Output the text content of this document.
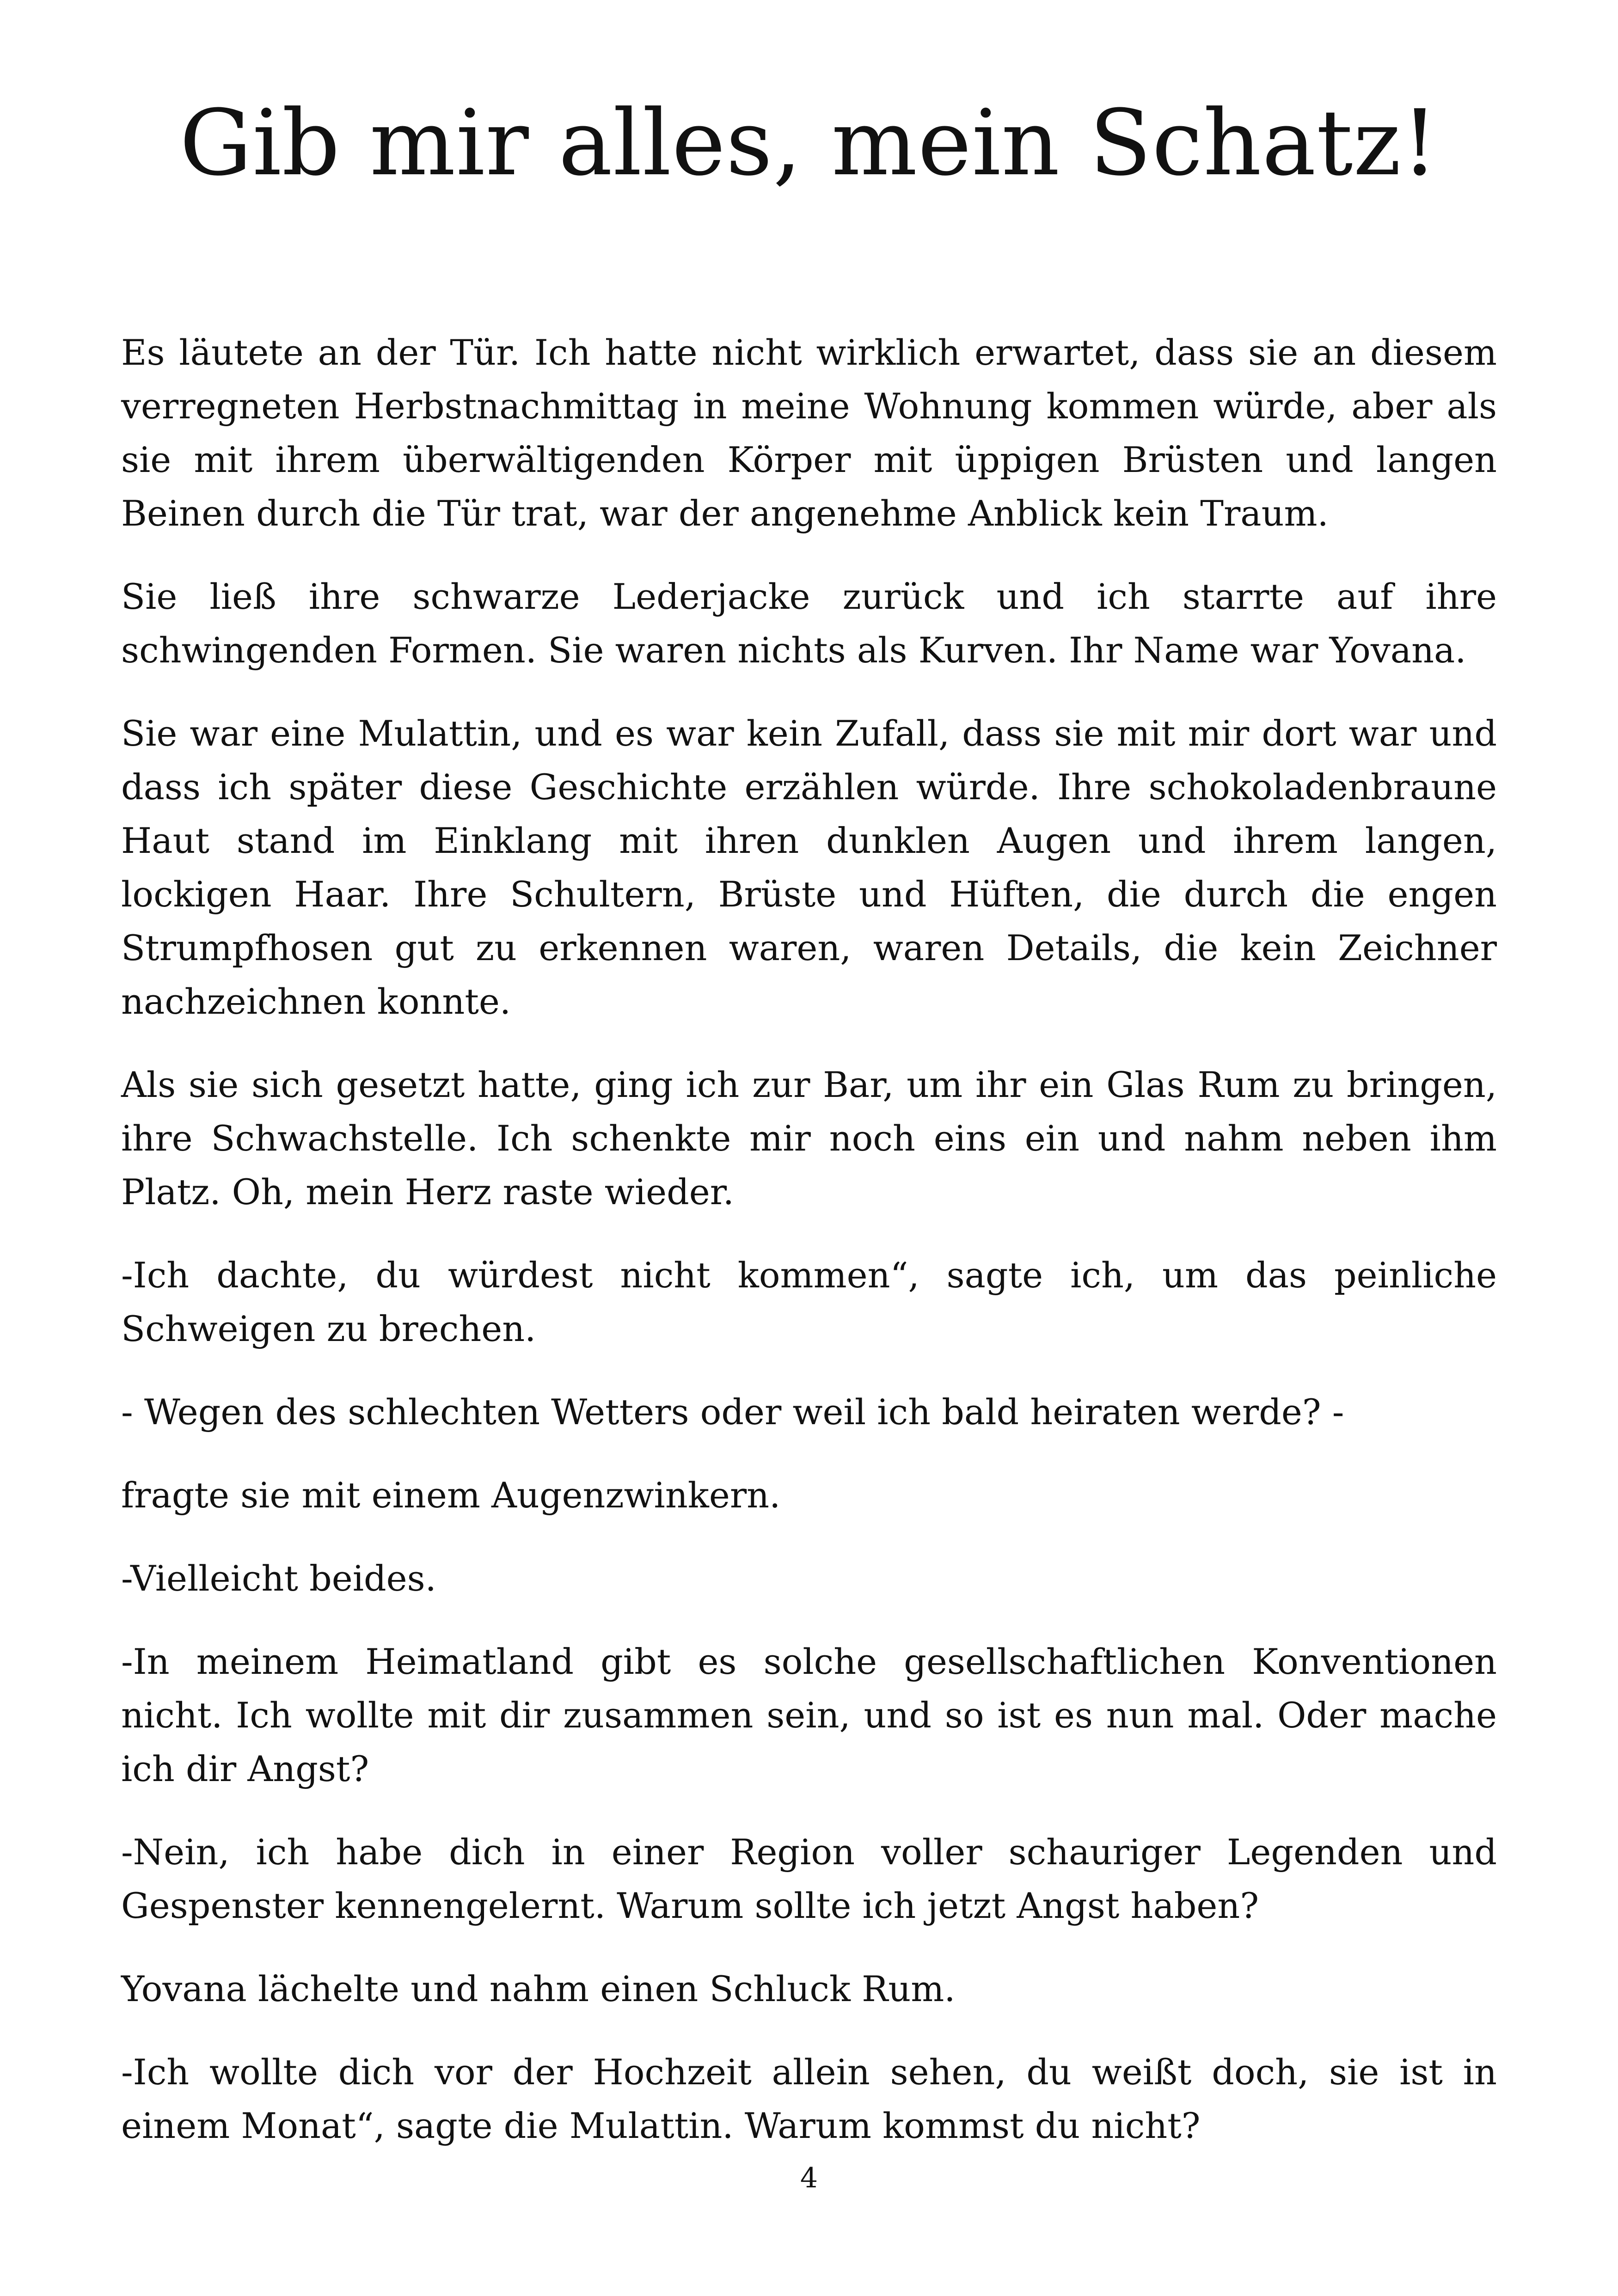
Gib mir alles, mein Schatz!

Es läutete an der Tür. Ich hatte nicht wirklich erwartet, dass sie an diesem verregneten Herbstnachmittag in meine Wohnung kommen würde, aber als sie mit ihrem überwältigenden Körper mit üppigen Brüsten und langen Beinen durch die Tür trat, war der angenehme Anblick kein Traum.

Sie ließ ihre schwarze Lederjacke zurück und ich starrte auf ihre schwingenden Formen. Sie waren nichts als Kurven. Ihr Name war Yovana.

Sie war eine Mulattin, und es war kein Zufall, dass sie mit mir dort war und dass ich später diese Geschichte erzählen würde. Ihre schokoladenbraune Haut stand im Einklang mit ihren dunklen Augen und ihrem langen, lockigen Haar. Ihre Schultern, Brüste und Hüften, die durch die engen Strumpfhosen gut zu erkennen waren, waren Details, die kein Zeichner nachzeichnen konnte.

Als sie sich gesetzt hatte, ging ich zur Bar, um ihr ein Glas Rum zu bringen, ihre Schwachstelle. Ich schenkte mir noch eins ein und nahm neben ihm Platz. Oh, mein Herz raste wieder.

-Ich dachte, du würdest nicht kommen“, sagte ich, um das peinliche Schweigen zu brechen.

- Wegen des schlechten Wetters oder weil ich bald heiraten werde? -

fragte sie mit einem Augenzwinkern.

-Vielleicht beides.

-In meinem Heimatland gibt es solche gesellschaftlichen Konventionen nicht. Ich wollte mit dir zusammen sein, und so ist es nun mal. Oder mache ich dir Angst?

-Nein, ich habe dich in einer Region voller schauriger Legenden und Gespenster kennengelernt. Warum sollte ich jetzt Angst haben?

Yovana lächelte und nahm einen Schluck Rum.

-Ich wollte dich vor der Hochzeit allein sehen, du weißt doch, sie ist in einem Monat“, sagte die Mulattin. Warum kommst du nicht?

4
